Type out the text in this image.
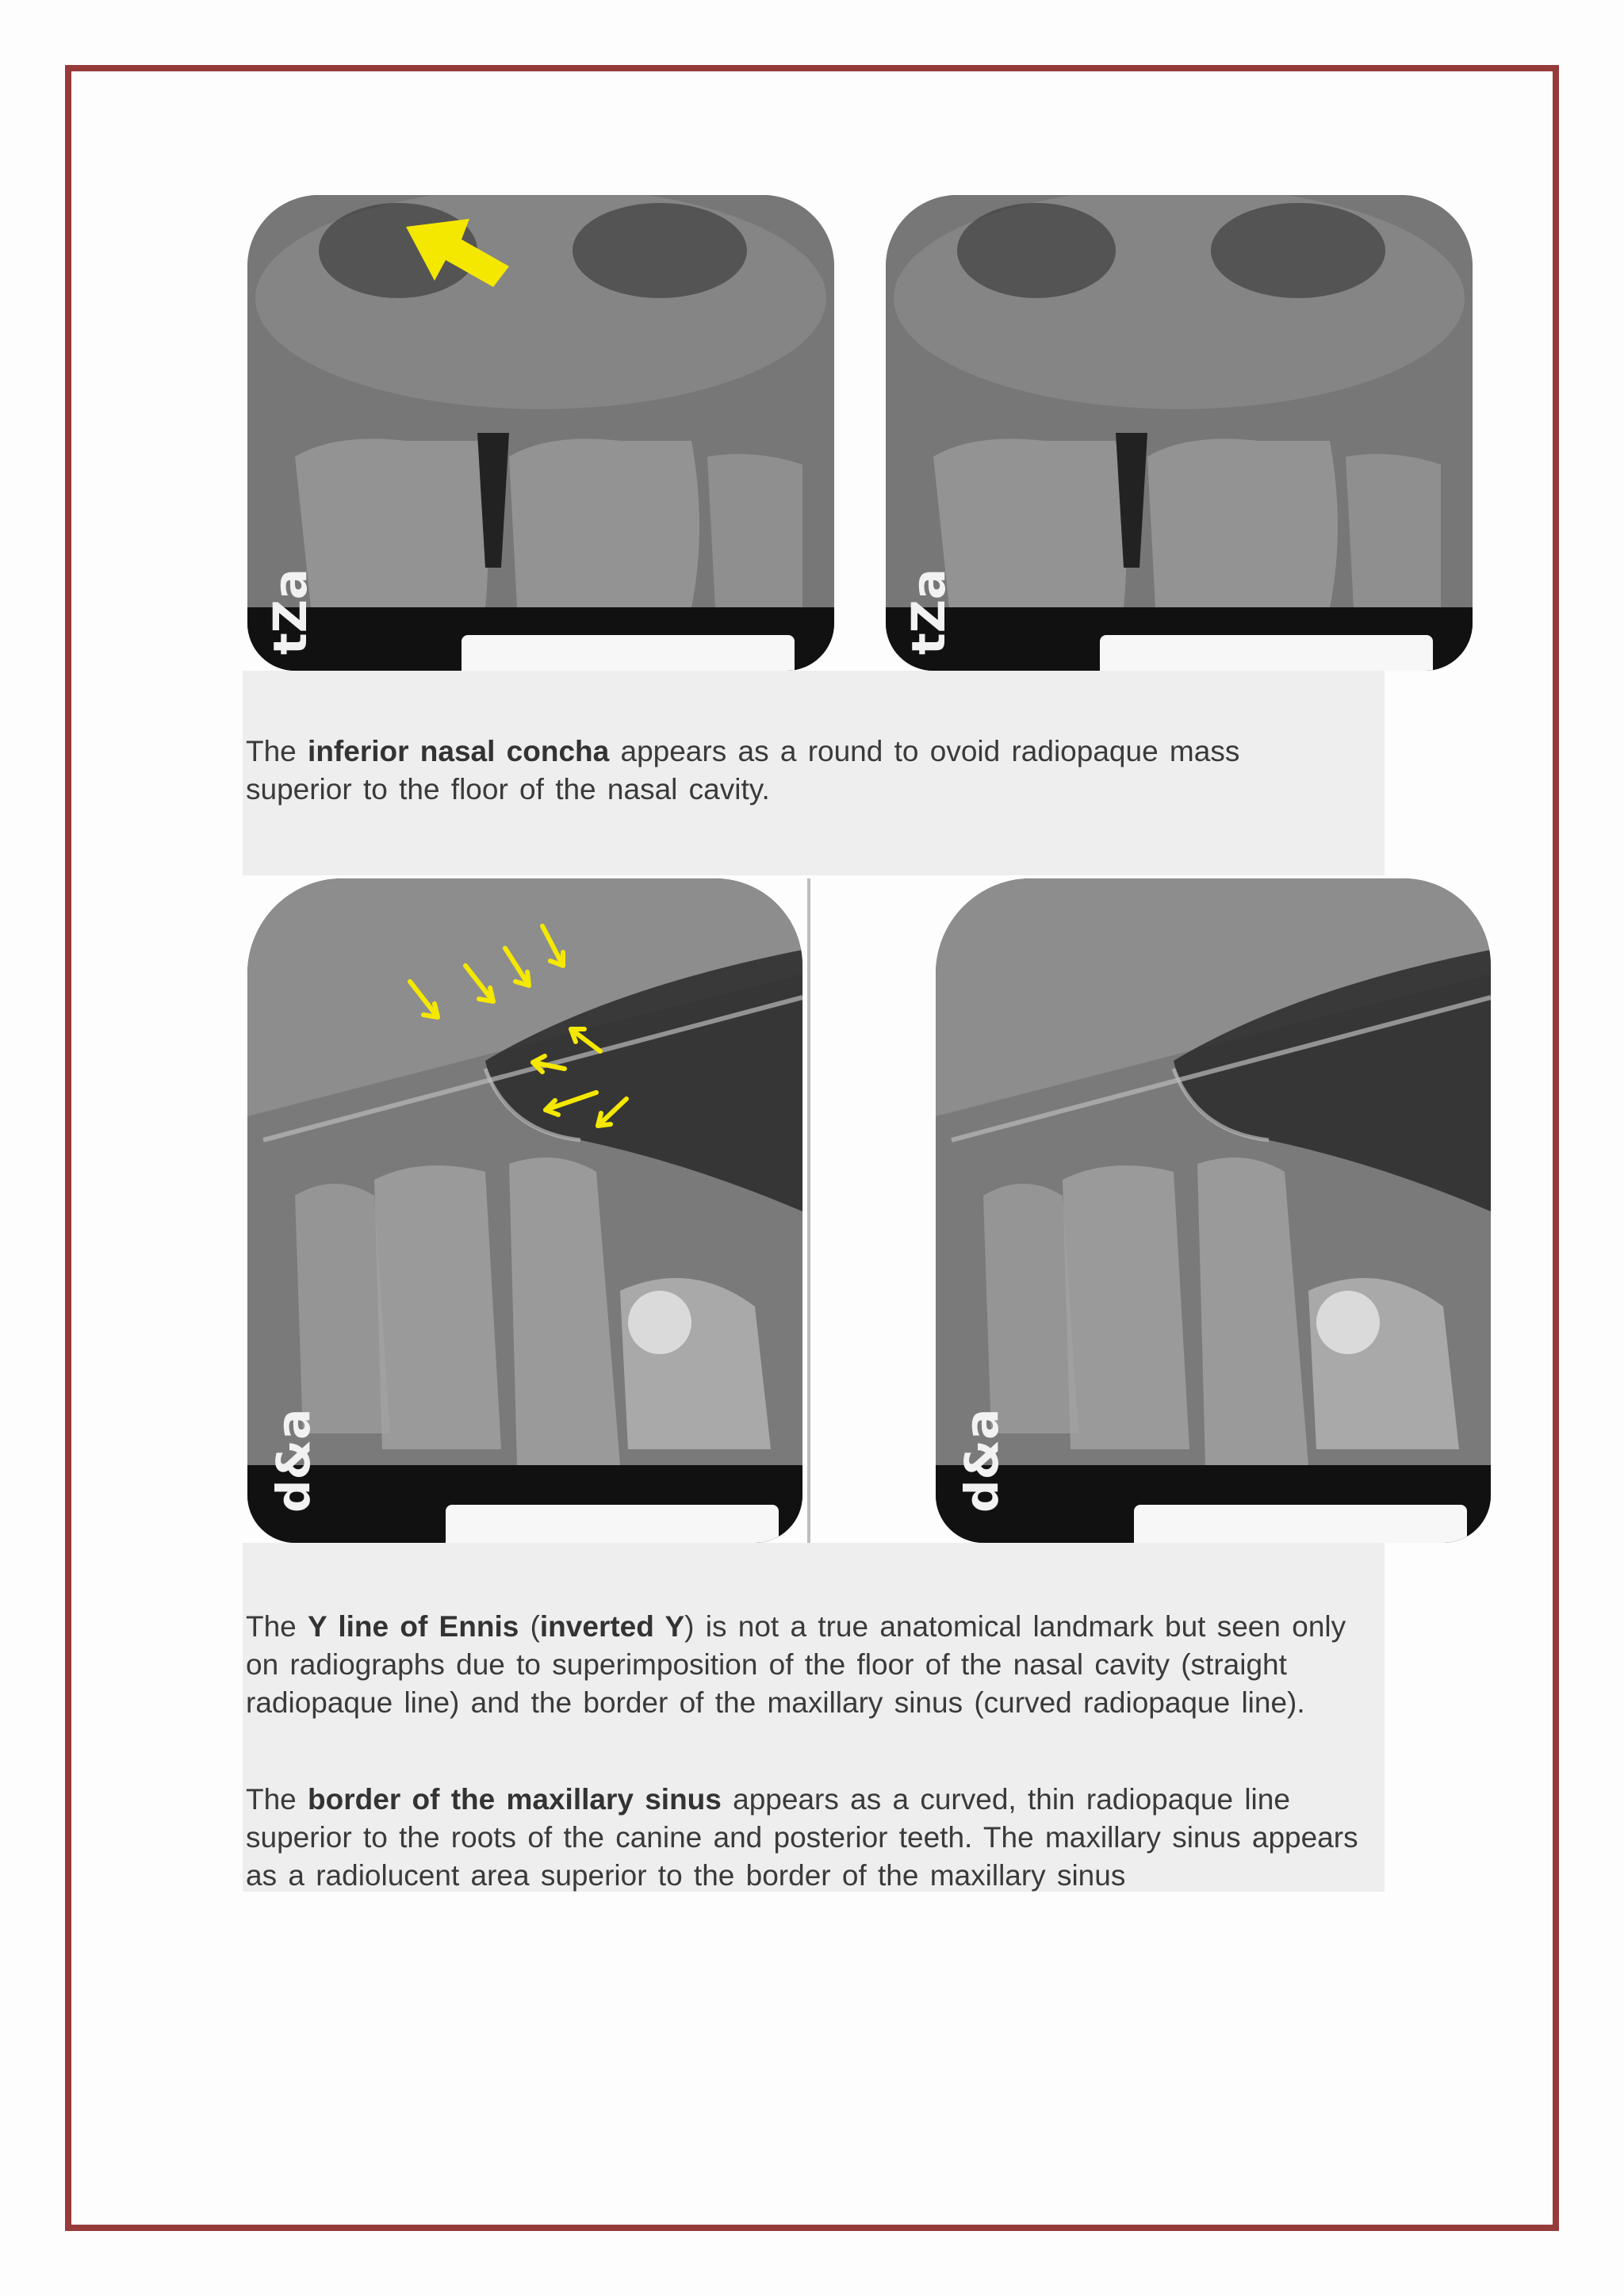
tZa	tZa
The inferior nasal concha appears as a round to ovoid radiopaque mass superior to the floor of the nasal cavity.
d&a	d&a
The Y line of Ennis (inverted Y) is not a true anatomical landmark but seen only on radiographs due to superimposition of the floor of the nasal cavity (straight radiopaque line) and the border of the maxillary sinus (curved radiopaque line).
The border of the maxillary sinus appears as a curved, thin radiopaque line superior to the roots of the canine and posterior teeth. The maxillary sinus appears as a radiolucent area superior to the border of the maxillary sinus
